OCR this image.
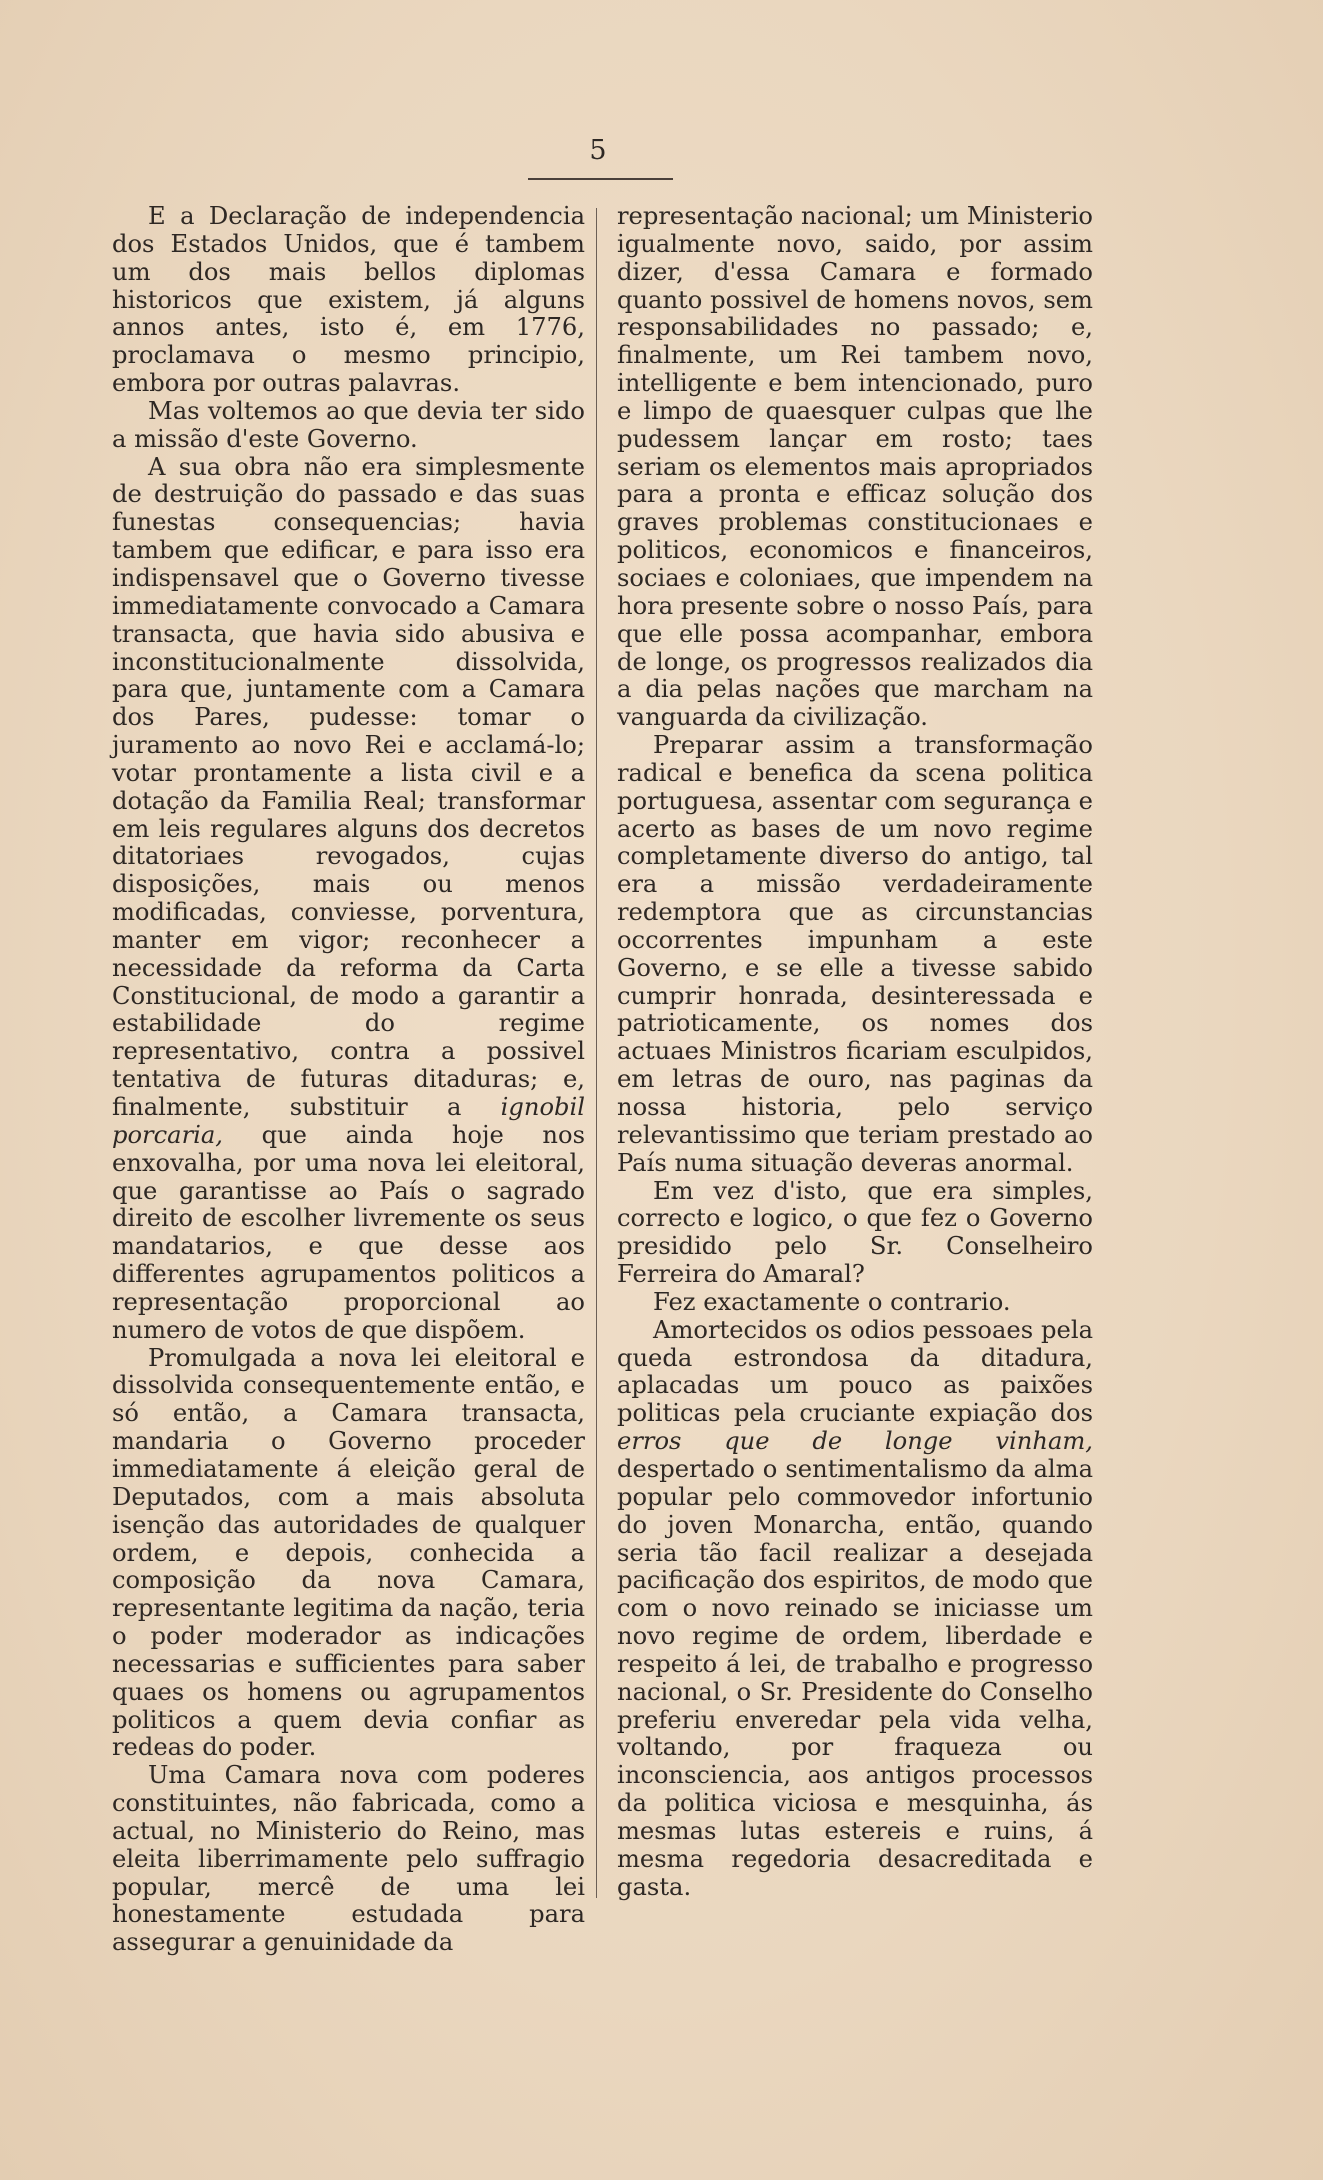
5

E a Declaração de independencia dos Estados Unidos, que é tambem um dos mais bellos diplomas historicos que existem, já alguns annos antes, isto é, em 1776, proclamava o mesmo principio, embora por outras palavras.

Mas voltemos ao que devia ter sido a missão d'este Governo.

A sua obra não era simplesmente de destruição do passado e das suas funestas consequencias; havia tambem que edificar, e para isso era indispensavel que o Governo tivesse immediatamente convocado a Camara transacta, que havia sido abusiva e inconstitucionalmente dissolvida, para que, juntamente com a Camara dos Pares, pudesse: tomar o juramento ao novo Rei e acclamá-lo; votar prontamente a lista civil e a dotação da Familia Real; transformar em leis regulares alguns dos decretos ditatoriaes revogados, cujas disposições, mais ou menos modificadas, conviesse, porventura, manter em vigor; reconhecer a necessidade da reforma da Carta Constitucional, de modo a garantir a estabilidade do regime representativo, contra a possivel tentativa de futuras ditaduras; e, finalmente, substituir a ignobil porcaria, que ainda hoje nos enxovalha, por uma nova lei eleitoral, que garantisse ao País o sagrado direito de escolher livremente os seus mandatarios, e que desse aos differentes agrupamentos politicos a representação proporcional ao numero de votos de que dispõem.

Promulgada a nova lei eleitoral e dissolvida consequentemente então, e só então, a Camara transacta, mandaria o Governo proceder immediatamente á eleição geral de Deputados, com a mais absoluta isenção das autoridades de qualquer ordem, e depois, conhecida a composição da nova Camara, representante legitima da nação, teria o poder moderador as indicações necessarias e sufficientes para saber quaes os homens ou agrupamentos politicos a quem devia confiar as redeas do poder.

Uma Camara nova com poderes constituintes, não fabricada, como a actual, no Ministerio do Reino, mas eleita liberrimamente pelo suffragio popular, mercê de uma lei honestamente estudada para assegurar a genuinidade da

representação nacional; um Ministerio igualmente novo, saido, por assim dizer, d'essa Camara e formado quanto possivel de homens novos, sem responsabilidades no passado; e, finalmente, um Rei tambem novo, intelligente e bem intencionado, puro e limpo de quaesquer culpas que lhe pudessem lançar em rosto; taes seriam os elementos mais apropriados para a pronta e efficaz solução dos graves problemas constitucionaes e politicos, economicos e financeiros, sociaes e coloniaes, que impendem na hora presente sobre o nosso País, para que elle possa acompanhar, embora de longe, os progressos realizados dia a dia pelas nações que marcham na vanguarda da civilização.

Preparar assim a transformação radical e benefica da scena politica portuguesa, assentar com segurança e acerto as bases de um novo regime completamente diverso do antigo, tal era a missão verdadeiramente redemptora que as circunstancias occorrentes impunham a este Governo, e se elle a tivesse sabido cumprir honrada, desinteressada e patrioticamente, os nomes dos actuaes Ministros ficariam esculpidos, em letras de ouro, nas paginas da nossa historia, pelo serviço relevantissimo que teriam prestado ao País numa situação deveras anormal.

Em vez d'isto, que era simples, correcto e logico, o que fez o Governo presidido pelo Sr. Conselheiro Ferreira do Amaral?

Fez exactamente o contrario.

Amortecidos os odios pessoaes pela queda estrondosa da ditadura, aplacadas um pouco as paixões politicas pela cruciante expiação dos erros que de longe vinham, despertado o sentimentalismo da alma popular pelo commovedor infortunio do joven Monarcha, então, quando seria tão facil realizar a desejada pacificação dos espiritos, de modo que com o novo reinado se iniciasse um novo regime de ordem, liberdade e respeito á lei, de trabalho e progresso nacional, o Sr. Presidente do Conselho preferiu enveredar pela vida velha, voltando, por fraqueza ou inconsciencia, aos antigos processos da politica viciosa e mesquinha, ás mesmas lutas estereis e ruins, á mesma regedoria desacreditada e gasta.
